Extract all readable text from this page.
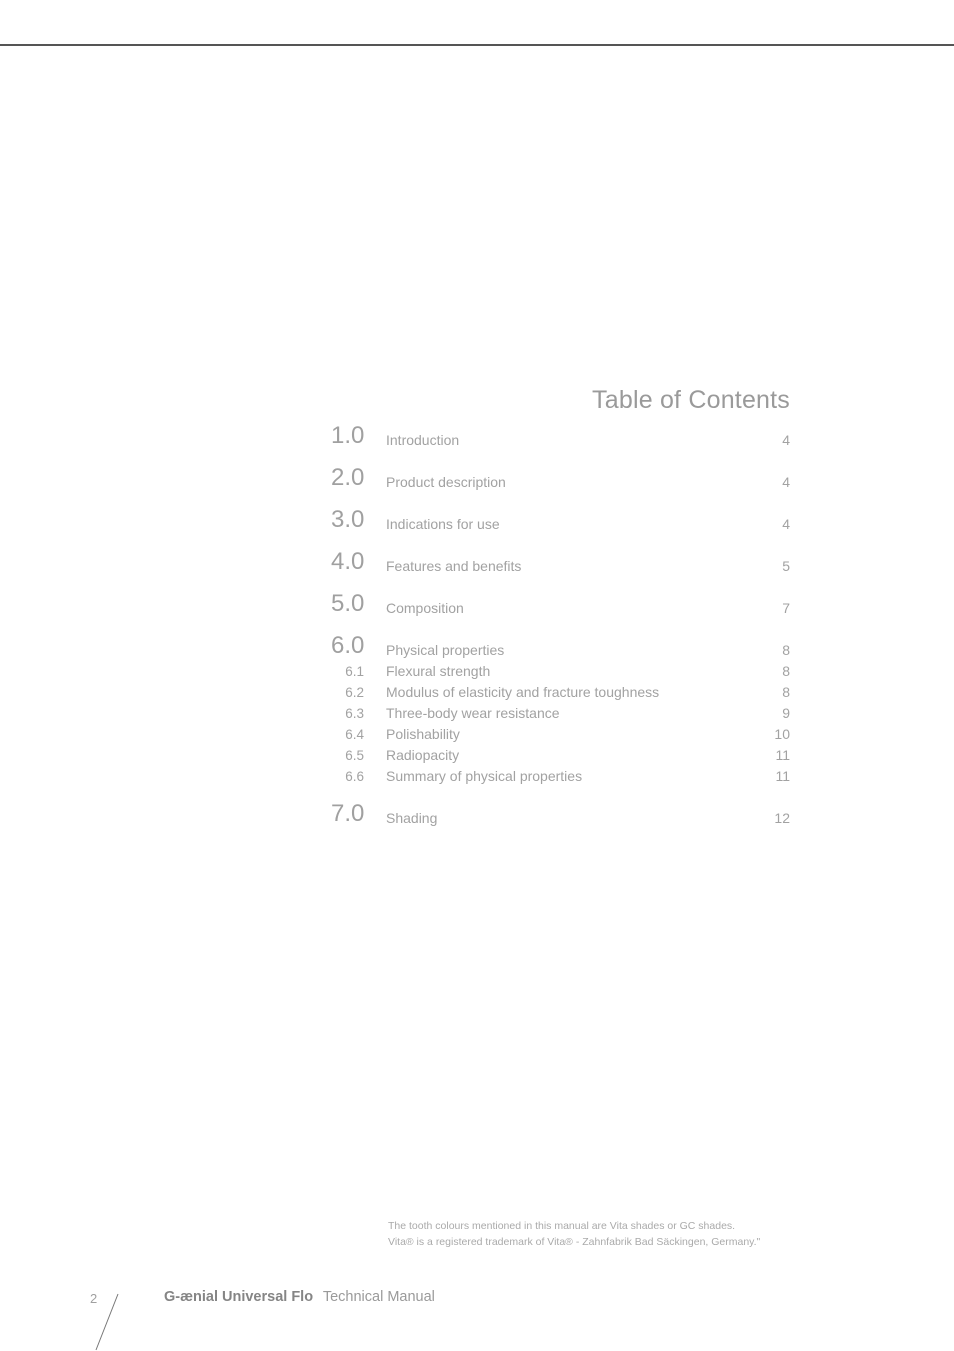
Table of Contents
1.0	Introduction	4
2.0	Product description	4
3.0	Indications for use	4
4.0	Features and benefits	5
5.0	Composition	7
6.0	Physical properties	8
6.1 Flexural strength	8
6.2 Modulus of elasticity and fracture toughness	8
6.3 Three-body wear resistance	9
6.4 Polishability	10
6.5 Radiopacity	11
6.6 Summary of physical properties	11
7.0	Shading	12
The tooth colours mentioned in this manual are Vita shades or GC shades.
Vita® is a registered trademark of Vita® - Zahnfabrik Bad Säckingen, Germany."
2	G-ænial Universal Flo Technical Manual
